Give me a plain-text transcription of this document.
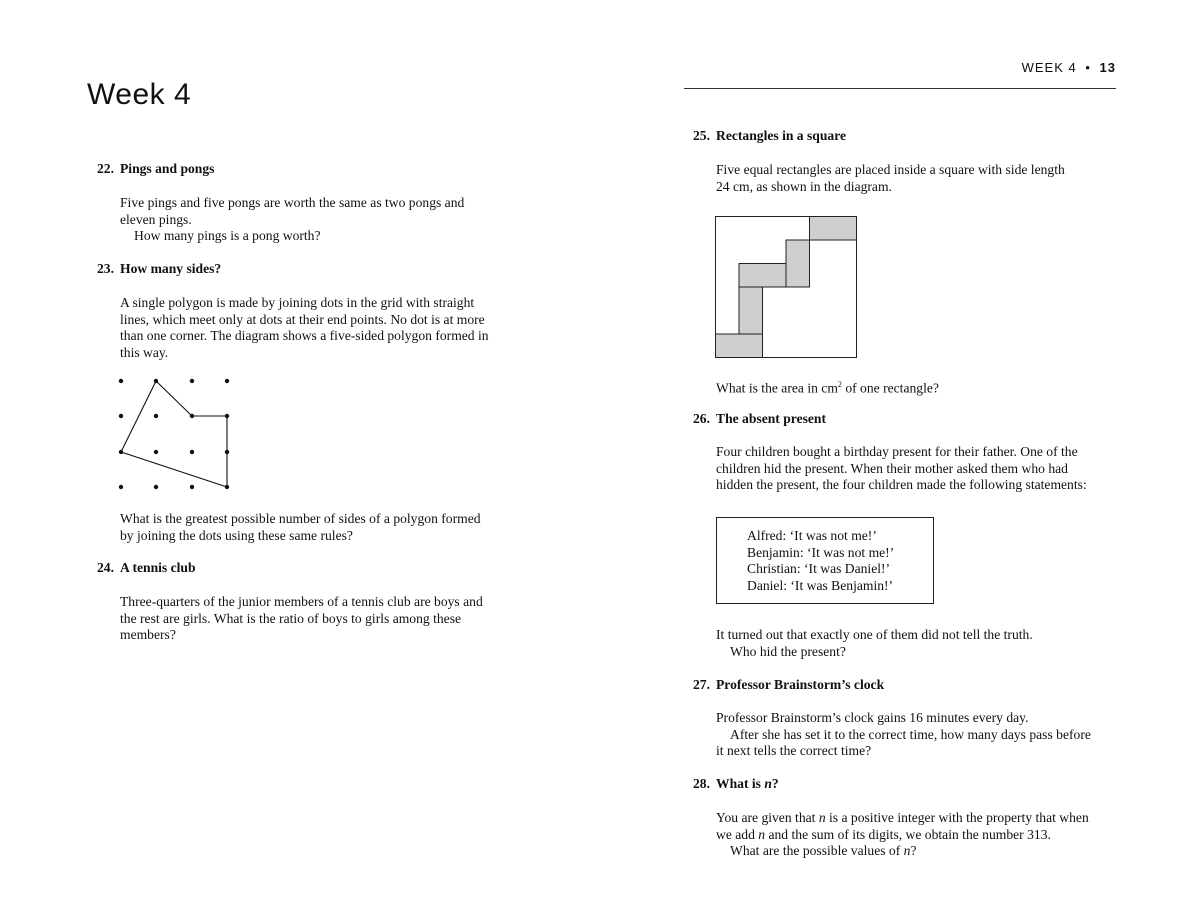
Week 4
22. Pings and pongs
Five pings and five pongs are worth the same as two pongs and
eleven pings.
How many pings is a pong worth?
23. How many sides?
A single polygon is made by joining dots in the grid with straight
lines, which meet only at dots at their end points. No dot is at more
than one corner. The diagram shows a five-sided polygon formed in
this way.
What is the greatest possible number of sides of a polygon formed
by joining the dots using these same rules?
24. A tennis club
Three-quarters of the junior members of a tennis club are boys and
the rest are girls. What is the ratio of boys to girls among these
members?
WEEK 4 • 13
25. Rectangles in a square
Five equal rectangles are placed inside a square with side length
24 cm, as shown in the diagram.
What is the area in $cm^2$ of one rectangle?
26. The absent present
Four children bought a birthday present for their father. One of the
children hid the present. When their mother asked them who had
hidden the present, the four children made the following statements:
Alfred: ‘It was not me!’
Benjamin: ‘It was not me!’
Christian: ‘It was Daniel!’
Daniel: ‘It was Benjamin!’
It turned out that exactly one of them did not tell the truth.
Who hid the present?
27. Professor Brainstorm’s clock
Professor Brainstorm’s clock gains 16 minutes every day.
After she has set it to the correct time, how many days pass before
it next tells the correct time?
28. What is n?
You are given that n is a positive integer with the property that when
we add n and the sum of its digits, we obtain the number 313.
What are the possible values of n?
